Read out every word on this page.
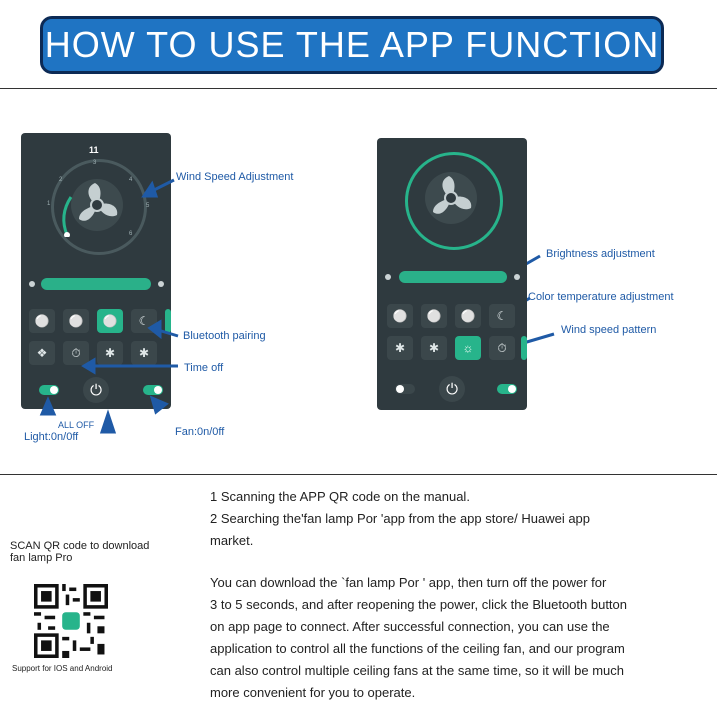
HOW TO USE THE APP FUNCTION
11
3
4
5
6
1
2
⚪	⚪	⚪	☾
❖	⏱	✱	✱
⏻
Wind Speed Adjustment
Bluetooth pairing
Time off
ALL OFF
Light:0n/0ff	Fan:0n/0ff
⚪	⚪	⚪	☾
✱	✱	☼	⏱
⏻
Brightness adjustment
Color temperature adjustment
Wind speed pattern
SCAN QR code to download
fan lamp Pro
Support for IOS and Android
1 Scanning the APP QR code on the manual.
2 Searching the'fan lamp Por 'app from the app store/ Huawei app
market.
You can download the `fan lamp Por ' app, then turn off the power for
3 to 5 seconds, and after reopening the power, click the Bluetooth button
on app page to connect. After successful connection, you can use the
application to control all the functions of the ceiling fan, and our program
can also control multiple ceiling fans at the same time, so it will be much
more convenient for you to operate.
